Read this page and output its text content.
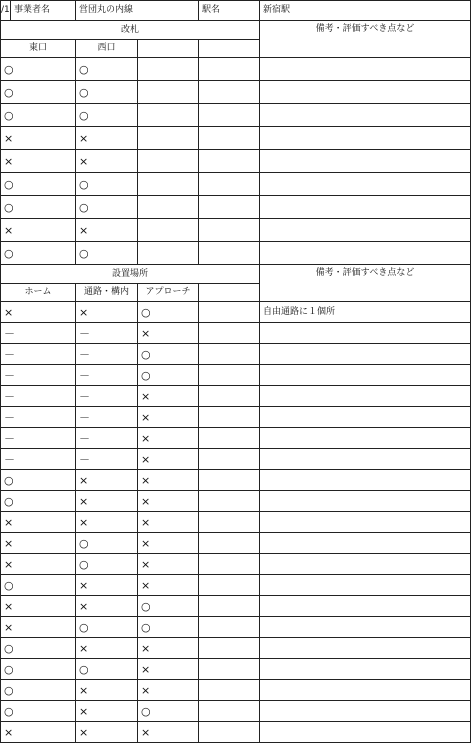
/1	事業者名	営団丸の内線		駅名	新宿駅
改札					備考・評価すべき点など
東口		西口			
○		○			
○		○			
○		○			
×		×			
×		×			
○		○			
○		○			
×		×			
○		○			
設置場所					備考・評価すべき点など
ホーム		通路・構内	アプローチ		
×		×	○		自由通路に１個所
－		－	×		
－		－	○		
－		－	○		
－		－	×		
－		－	×		
－		－	×		
－		－	×		
○		×	×		
○		×	×		
×		×	×		
×		○	×		
×		○	×		
○		×	×		
×		×	○		
×		○	○		
○		×	×		
○		○	×		
○		×	×		
○		×	○		
×		×	×		
